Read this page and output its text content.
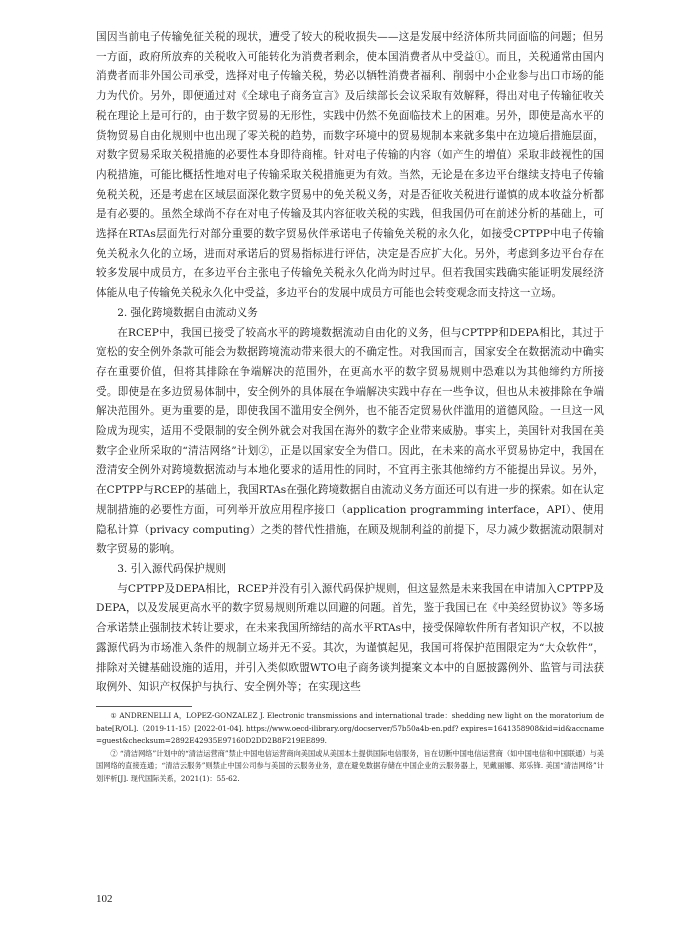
国因当前电子传输免征关税的现状，遭受了较大的税收损失——这是发展中经济体所共同面临的问题；但另一方面，政府所放弃的关税收入可能转化为消费者剩余，使本国消费者从中受益①。而且，关税通常由国内消费者而非外国公司承受，选择对电子传输关税，势必以牺牲消费者福利、削弱中小企业参与出口市场的能力为代价。另外，即便通过对《全球电子商务宣言》及后续部长会议采取有效解释，得出对电子传输征收关税在理论上是可行的，由于数字贸易的无形性，实践中仍然不免面临技术上的困难。另外，即使是高水平的货物贸易自由化规则中也出现了零关税的趋势，而数字环境中的贸易规制本来就多集中在边境后措施层面，对数字贸易采取关税措施的必要性本身即待商榷。针对电子传输的内容（如产生的增值）采取非歧视性的国内税措施，可能比概括性地对电子传输采取关税措施更为有效。当然，无论是在多边平台继续支持电子传输免税关税，还是考虑在区域层面深化数字贸易中的免关税义务，对是否征收关税进行谨慎的成本收益分析都是有必要的。虽然全球尚不存在对电子传输及其内容征收关税的实践，但我国仍可在前述分析的基础上，可选择在RTAs层面先行对部分重要的数字贸易伙伴承诺电子传输免关税的永久化，如接受CPTPP中电子传输免关税永久化的立场，进而对承诺后的贸易指标进行评估，决定是否应扩大化。另外，考虑到多边平台存在较多发展中成员方，在多边平台主张电子传输免关税永久化尚为时过早。但若我国实践确实能证明发展经济体能从电子传输免关税永久化中受益，多边平台的发展中成员方可能也会转变观念而支持这一立场。

2. 强化跨境数据自由流动义务

在RCEP中，我国已接受了较高水平的跨境数据流动自由化的义务，但与CPTPP和DEPA相比，其过于宽松的安全例外条款可能会为数据跨境流动带来很大的不确定性。对我国而言，国家安全在数据流动中确实存在重要价值，但将其排除在争端解决的范围外，在更高水平的数字贸易规则中恐难以为其他缔约方所接受。即使是在多边贸易体制中，安全例外的具体展在争端解决实践中存在一些争议，但也从未被排除在争端解决范围外。更为重要的是，即使我国不滥用安全例外，也不能否定贸易伙伴滥用的道德风险。一旦这一风险成为现实，适用不受限制的安全例外就会对我国在海外的数字企业带来威胁。事实上，美国针对我国在美数字企业所采取的“清洁网络”计划②，正是以国家安全为借口。因此，在未来的高水平贸易协定中，我国在澄清安全例外对跨境数据流动与本地化要求的适用性的同时，不宜再主张其他缔约方不能提出异议。另外，在CPTPP与RCEP的基础上，我国RTAs在强化跨境数据自由流动义务方面还可以有进一步的探索。如在认定规制措施的必要性方面，可列举开放应用程序接口（application programming interface，API）、使用隐私计算（privacy computing）之类的替代性措施，在顾及规制利益的前提下，尽力减少数据流动限制对数字贸易的影响。

3. 引入源代码保护规则

与CPTPP及DEPA相比，RCEP并没有引入源代码保护规则，但这显然是未来我国在申请加入CPTPP及DEPA，以及发展更高水平的数字贸易规则所难以回避的问题。首先，鉴于我国已在《中美经贸协议》等多场合承诺禁止强制技术转让要求，在未来我国所缔结的高水平RTAs中，接受保障软件所有者知识产权，不以披露源代码为市场准入条件的规制立场并无不妥。其次，为谨慎起见，我国可将保护范围限定为“大众软件”，排除对关键基础设施的适用，并引入类似欧盟WTO电子商务谈判提案文本中的自愿披露例外、监管与司法获取例外、知识产权保护与执行、安全例外等；在实现这些

① ANDRENELLI A，LOPEZ-GONZALEZ J. Electronic transmissions and international trade：shedding new light on the moratorium debate[R/OL].（2019-11-15）[2022-01-04]. https://www.oecd-ilibrary.org/docserver/57b50a4b-en.pdf? expires=1641358908&id=id&accname=guest&checksum=2892E42935E97160D2DD2B8F219EE899.

② “清洁网络”计划中的“清洁运营商”禁止中国电信运营商向美国或从美国本土提供国际电信服务，旨在切断中国电信运营商（如中国电信和中国联通）与美国网络的直接连通；“清洁云服务”则禁止中国公司参与美国的云服务业务，意在避免数据存储在中国企业的云服务器上，见戴丽娜、郑乐锋. 美国“清洁网络”计划评析[J]. 现代国际关系，2021(1)：55-62.

102
